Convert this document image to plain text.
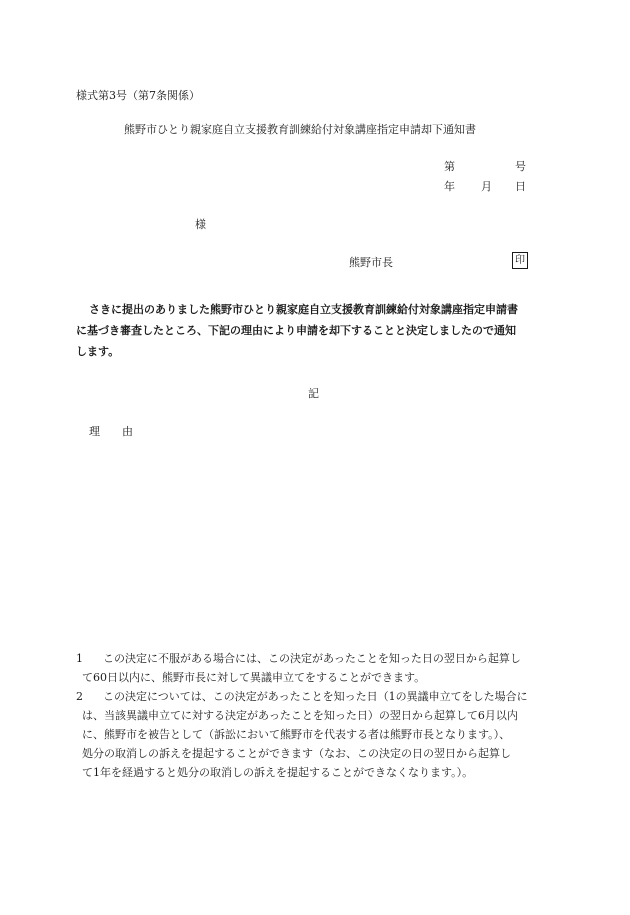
様式第3号（第7条関係）
熊野市ひとり親家庭自立支援教育訓練給付対象講座指定申請却下通知書
第	号
年 月 日
様
熊野市長	印

さきに提出のありました熊野市ひとり親家庭自立支援教育訓練給付対象講座指定申請書

に基づき審査したところ、下記の理由により申請を却下することと決定しましたので通知

します。

記
理　　由

1 この決定に不服がある場合には、この決定があったことを知った日の翌日から起算し

て60日以内に、熊野市長に対して異議申立てをすることができます。

2 この決定については、この決定があったことを知った日（1の異議申立てをした場合に

は、当該異議申立てに対する決定があったことを知った日）の翌日から起算して6月以内

に、熊野市を被告として（訴訟において熊野市を代表する者は熊野市長となります。）、

処分の取消しの訴えを提起することができます（なお、この決定の日の翌日から起算し

て1年を経過すると処分の取消しの訴えを提起することができなくなります。）。
